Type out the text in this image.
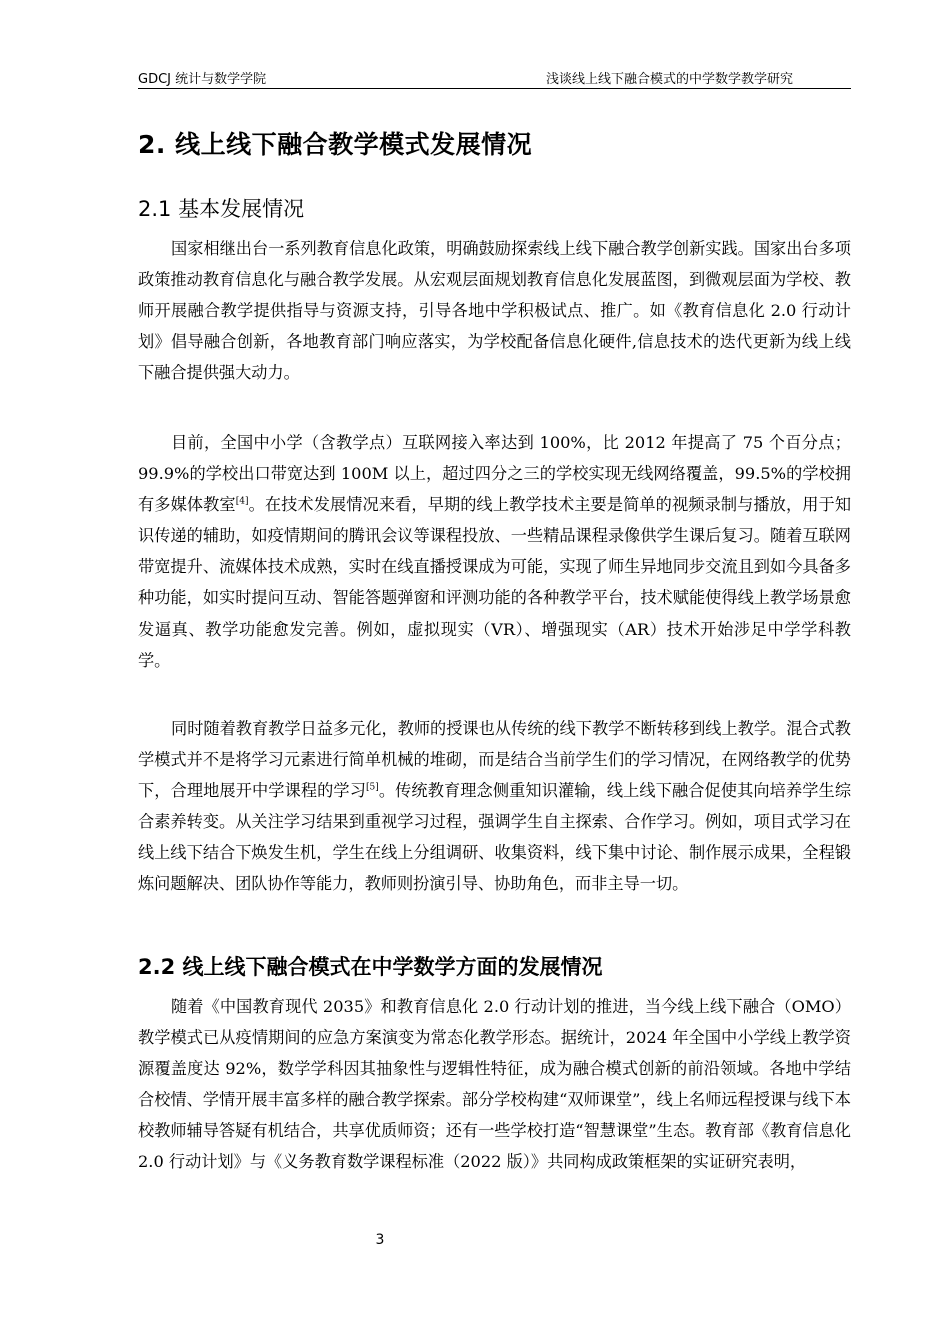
GDCJ 统计与数学学院	浅谈线上线下融合模式的中学数学教学研究
2. 线上线下融合教学模式发展情况
2.1 基本发展情况

国家相继出台一系列教育信息化政策，明确鼓励探索线上线下融合教学创新实践。国家出台多项政策推动教育信息化与融合教学发展。从宏观层面规划教育信息化发展蓝图，到微观层面为学校、教师开展融合教学提供指导与资源支持，引导各地中学积极试点、推广。如《教育信息化 2.0 行动计划》倡导融合创新，各地教育部门响应落实，为学校配备信息化硬件,信息技术的迭代更新为线上线下融合提供强大动力。

目前，全国中小学（含教学点）互联网接入率达到 100%，比 2012 年提高了 75 个百分点；99.9%的学校出口带宽达到 100M 以上，超过四分之三的学校实现无线网络覆盖，99.5%的学校拥有多媒体教室[4]。在技术发展情况来看，早期的线上教学技术主要是简单的视频录制与播放，用于知识传递的辅助，如疫情期间的腾讯会议等课程投放、一些精品课程录像供学生课后复习。随着互联网带宽提升、流媒体技术成熟，实时在线直播授课成为可能，实现了师生异地同步交流且到如今具备多种功能，如实时提问互动、智能答题弹窗和评测功能的各种教学平台，技术赋能使得线上教学场景愈发逼真、教学功能愈发完善。例如，虚拟现实（VR）、增强现实（AR）技术开始涉足中学学科教学。

同时随着教育教学日益多元化，教师的授课也从传统的线下教学不断转移到线上教学。混合式教学模式并不是将学习元素进行简单机械的堆砌，而是结合当前学生们的学习情况，在网络教学的优势下，合理地展开中学课程的学习[5]。传统教育理念侧重知识灌输，线上线下融合促使其向培养学生综合素养转变。从关注学习结果到重视学习过程，强调学生自主探索、合作学习。例如，项目式学习在线上线下结合下焕发生机，学生在线上分组调研、收集资料，线下集中讨论、制作展示成果，全程锻炼问题解决、团队协作等能力，教师则扮演引导、协助角色，而非主导一切。

2.2 线上线下融合模式在中学数学方面的发展情况

随着《中国教育现代 2035》和教育信息化 2.0 行动计划的推进，当今线上线下融合（OMO）教学模式已从疫情期间的应急方案演变为常态化教学形态。据统计，2024 年全国中小学线上教学资源覆盖度达 92%，数学学科因其抽象性与逻辑性特征，成为融合模式创新的前沿领域。各地中学结合校情、学情开展丰富多样的融合教学探索。部分学校构建“双师课堂”，线上名师远程授课与线下本校教师辅导答疑有机结合，共享优质师资；还有一些学校打造“智慧课堂”生态。教育部《教育信息化 2.0 行动计划》与《义务教育数学课程标准（2022 版）》共同构成政策框架的实证研究表明，

3
